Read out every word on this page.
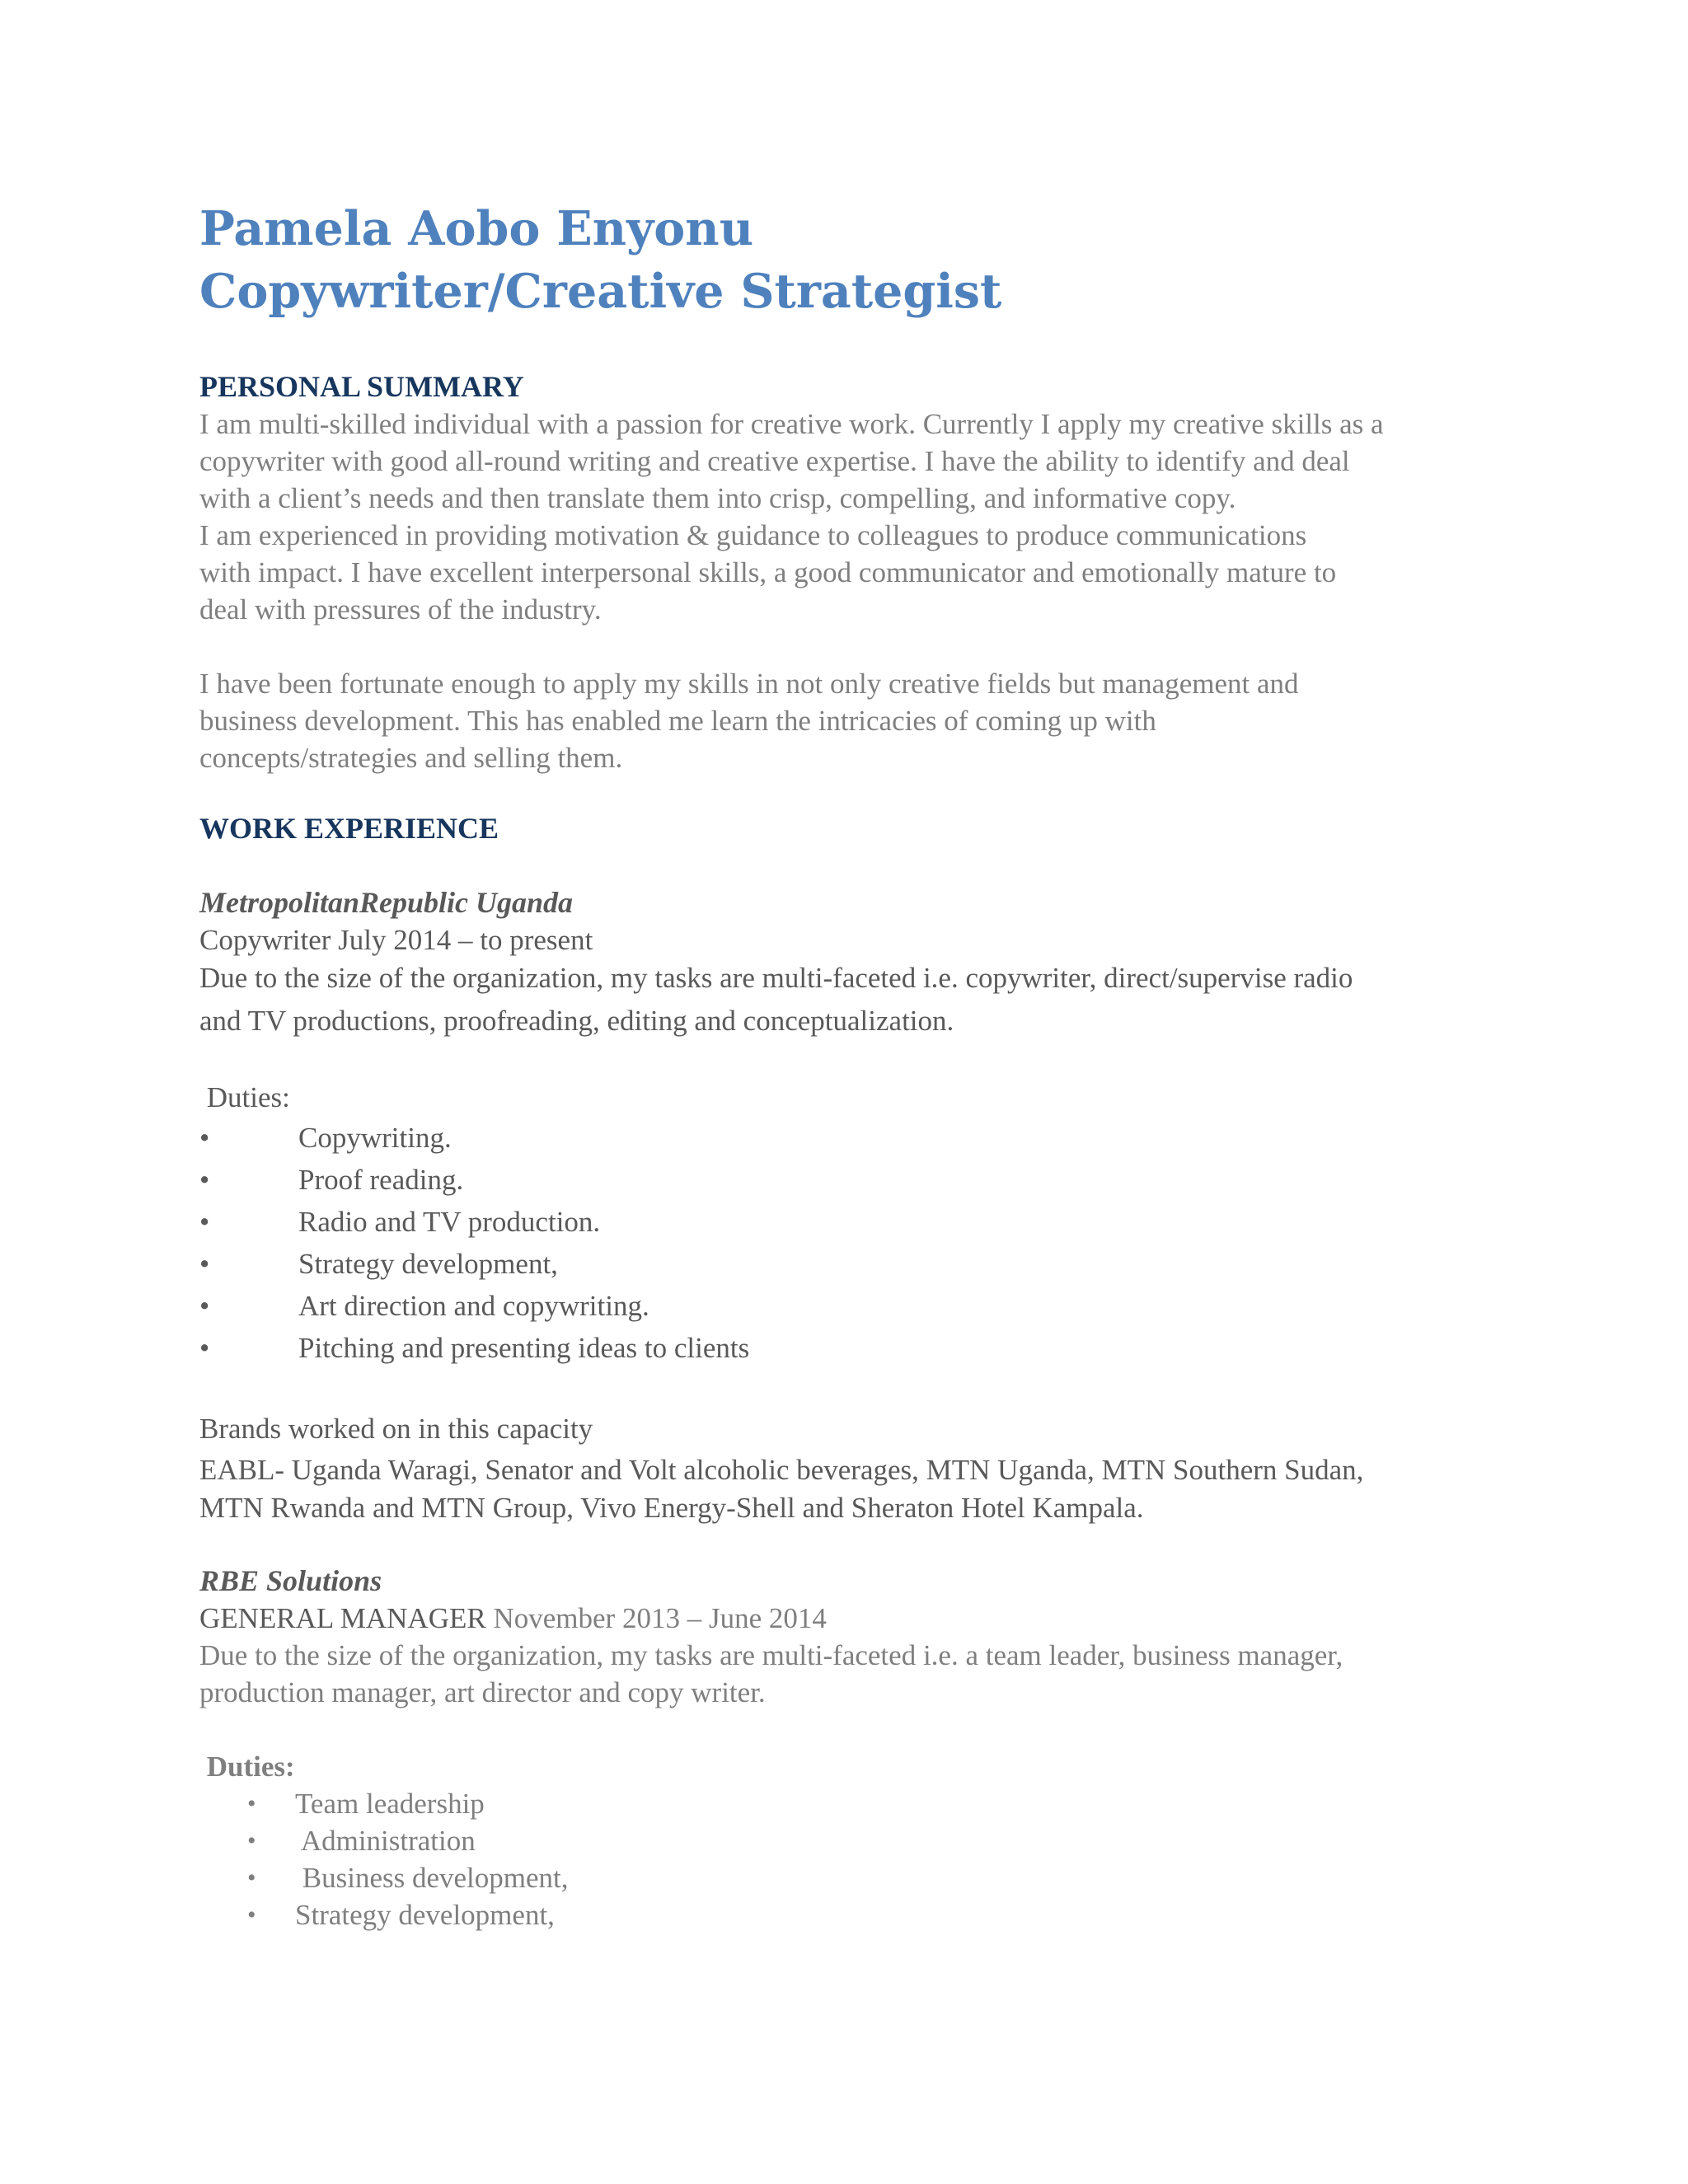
Pamela Aobo Enyonu
Copywriter/Creative Strategist
PERSONAL SUMMARY
I am multi-skilled individual with a passion for creative work. Currently I apply my creative skills as a
copywriter with good all-round writing and creative expertise. I have the ability to identify and deal
with a client’s needs and then translate them into crisp, compelling, and informative copy.
I am experienced in providing motivation & guidance to colleagues to produce communications
with impact. I have excellent interpersonal skills, a good communicator and emotionally mature to
deal with pressures of the industry.
I have been fortunate enough to apply my skills in not only creative fields but management and
business development. This has enabled me learn the intricacies of coming up with
concepts/strategies and selling them.
WORK EXPERIENCE
MetropolitanRepublic Uganda
Copywriter July 2014 – to present
Due to the size of the organization, my tasks are multi-faceted i.e. copywriter, direct/supervise radio
and TV productions, proofreading, editing and conceptualization.
Duties:
•	Copywriting.
•	Proof reading.
•	Radio and TV production.
•	Strategy development,
•	Art direction and copywriting.
•	Pitching and presenting ideas to clients
Brands worked on in this capacity
EABL- Uganda Waragi, Senator and Volt alcoholic beverages, MTN Uganda, MTN Southern Sudan,
MTN Rwanda and MTN Group, Vivo Energy-Shell and Sheraton Hotel Kampala.
RBE Solutions
GENERAL MANAGER November 2013 – June 2014
Due to the size of the organization, my tasks are multi-faceted i.e. a team leader, business manager,
production manager, art director and copy writer.
Duties:
•	Team leadership
•	Administration
•	Business development,
•	Strategy development,
